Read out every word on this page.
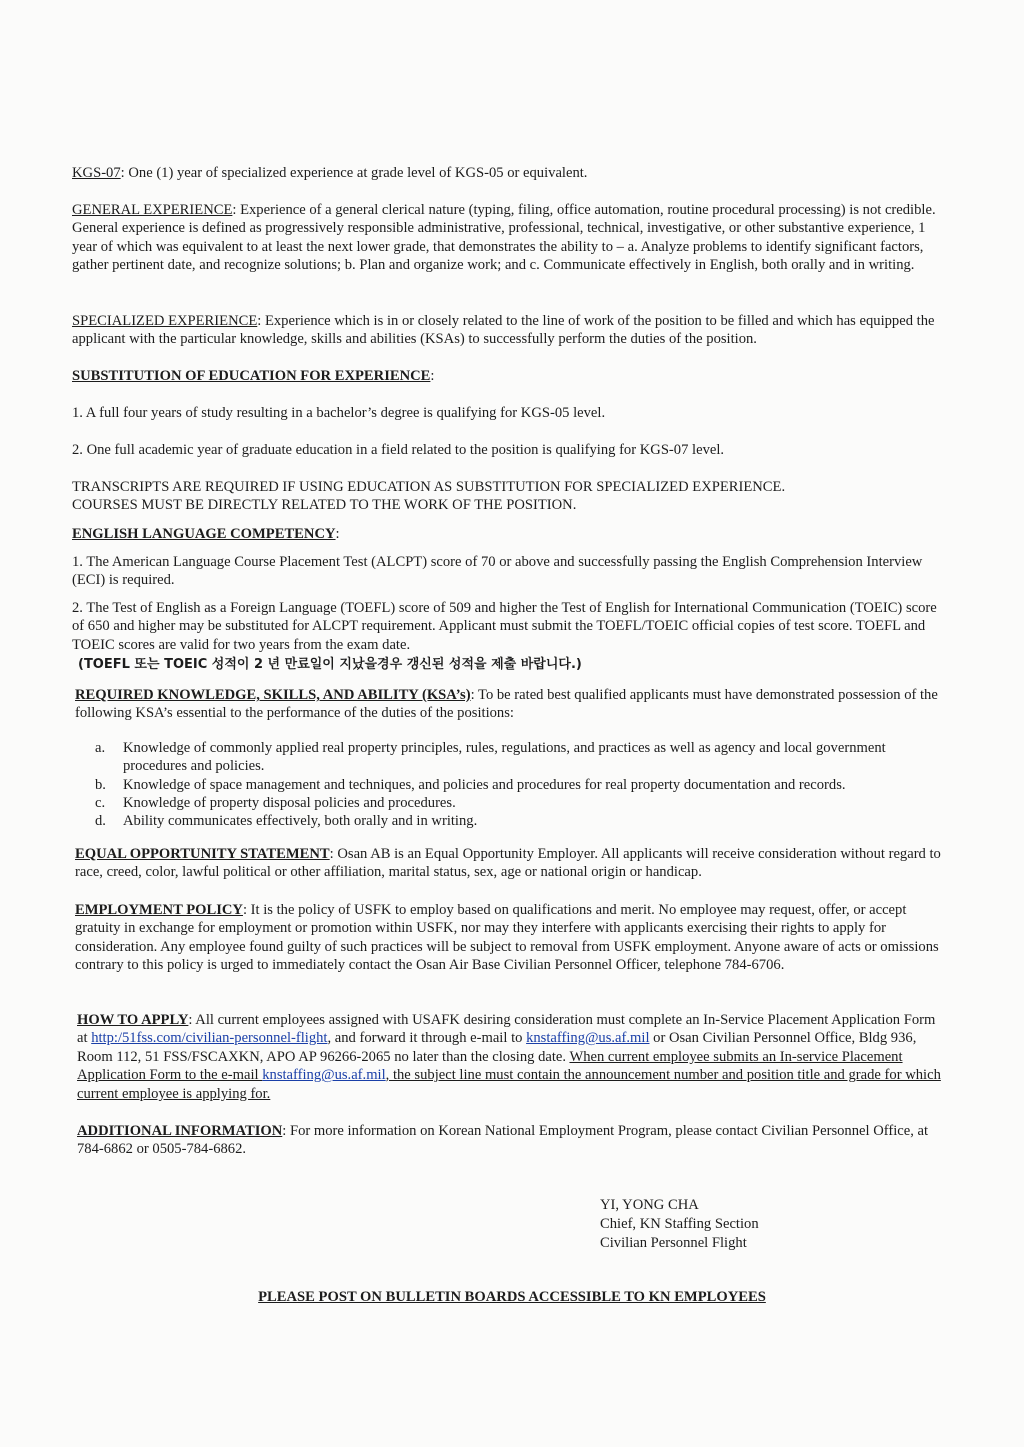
KGS-07: One (1) year of specialized experience at grade level of KGS-05 or equivalent.
GENERAL EXPERIENCE: Experience of a general clerical nature (typing, filing, office automation, routine procedural processing) is not credible. General experience is defined as progressively responsible administrative, professional, technical, investigative, or other substantive experience, 1 year of which was equivalent to at least the next lower grade, that demonstrates the ability to – a. Analyze problems to identify significant factors, gather pertinent date, and recognize solutions; b. Plan and organize work; and c. Communicate effectively in English, both orally and in writing.
SPECIALIZED EXPERIENCE: Experience which is in or closely related to the line of work of the position to be filled and which has equipped the applicant with the particular knowledge, skills and abilities (KSAs) to successfully perform the duties of the position.
SUBSTITUTION OF EDUCATION FOR EXPERIENCE:
1. A full four years of study resulting in a bachelor’s degree is qualifying for KGS-05 level.
2. One full academic year of graduate education in a field related to the position is qualifying for KGS-07 level.
TRANSCRIPTS ARE REQUIRED IF USING EDUCATION AS SUBSTITUTION FOR SPECIALIZED EXPERIENCE.
COURSES MUST BE DIRECTLY RELATED TO THE WORK OF THE POSITION.
ENGLISH LANGUAGE COMPETENCY:
1. The American Language Course Placement Test (ALCPT) score of 70 or above and successfully passing the English Comprehension Interview (ECI) is required.
2. The Test of English as a Foreign Language (TOEFL) score of 509 and higher the Test of English for International Communication (TOEIC) score of 650 and higher may be substituted for ALCPT requirement. Applicant must submit the TOEFL/TOEIC official copies of test score. TOEFL and TOEIC scores are valid for two years from the exam date.
(TOEFL 또는 TOEIC 성적이 2 년 만료일이 지났을경우 갱신된 성적을 제출 바랍니다.)
REQUIRED KNOWLEDGE, SKILLS, AND ABILITY (KSA’s): To be rated best qualified applicants must have demonstrated possession of the following KSA’s essential to the performance of the duties of the positions:
a. Knowledge of commonly applied real property principles, rules, regulations, and practices as well as agency and local government procedures and policies.
b. Knowledge of space management and techniques, and policies and procedures for real property documentation and records.
c. Knowledge of property disposal policies and procedures.
d. Ability communicates effectively, both orally and in writing.
EQUAL OPPORTUNITY STATEMENT: Osan AB is an Equal Opportunity Employer. All applicants will receive consideration without regard to race, creed, color, lawful political or other affiliation, marital status, sex, age or national origin or handicap.
EMPLOYMENT POLICY: It is the policy of USFK to employ based on qualifications and merit. No employee may request, offer, or accept gratuity in exchange for employment or promotion within USFK, nor may they interfere with applicants exercising their rights to apply for consideration. Any employee found guilty of such practices will be subject to removal from USFK employment. Anyone aware of acts or omissions contrary to this policy is urged to immediately contact the Osan Air Base Civilian Personnel Officer, telephone 784-6706.
HOW TO APPLY: All current employees assigned with USAFK desiring consideration must complete an In-Service Placement Application Form at http:/51fss.com/civilian-personnel-flight, and forward it through e-mail to knstaffing@us.af.mil or Osan Civilian Personnel Office, Bldg 936, Room 112, 51 FSS/FSCAXKN, APO AP 96266-2065 no later than the closing date. When current employee submits an In-service Placement Application Form to the e-mail knstaffing@us.af.mil, the subject line must contain the announcement number and position title and grade for which current employee is applying for.
ADDITIONAL INFORMATION: For more information on Korean National Employment Program, please contact Civilian Personnel Office, at 784-6862 or 0505-784-6862.
YI, YONG CHA
Chief, KN Staffing Section
Civilian Personnel Flight
PLEASE POST ON BULLETIN BOARDS ACCESSIBLE TO KN EMPLOYEES
